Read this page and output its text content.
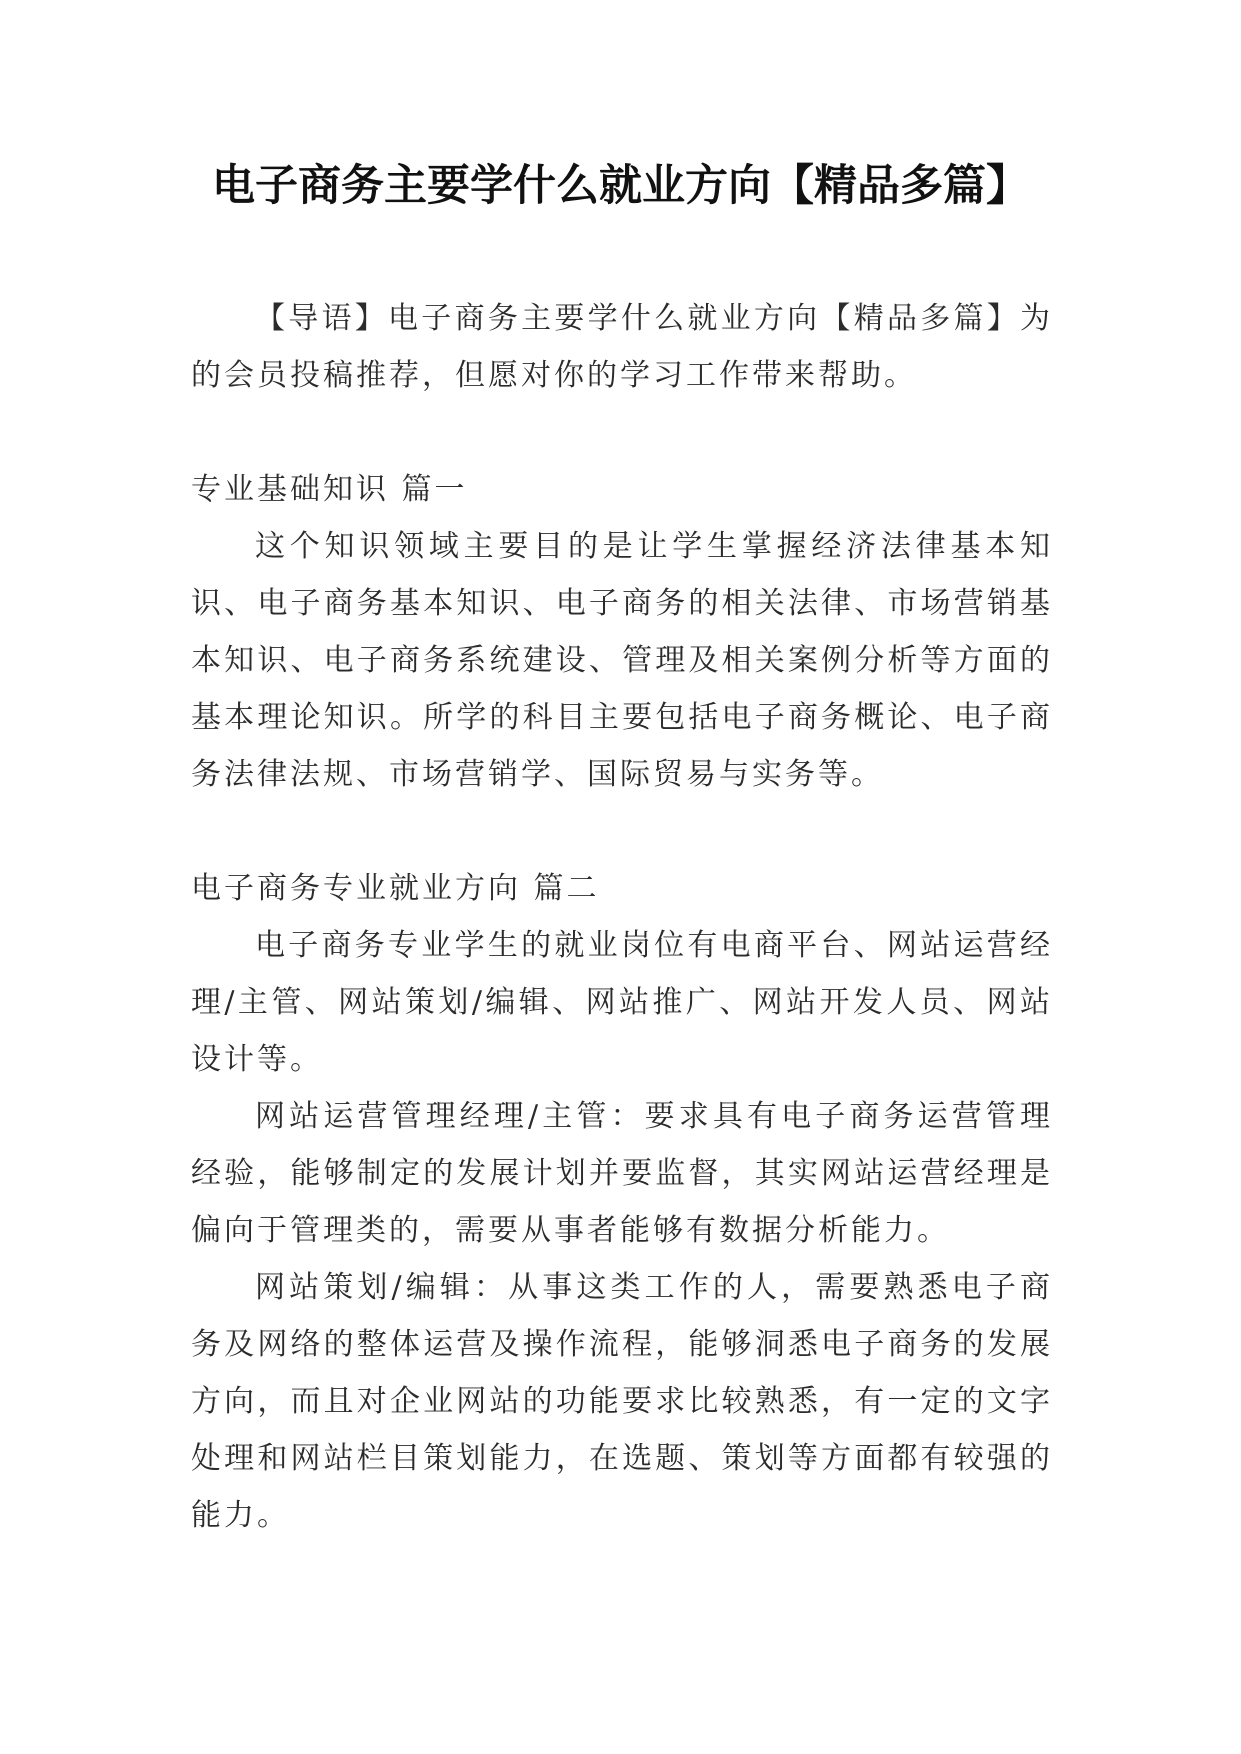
电子商务主要学什么就业方向【精品多篇】

【导语】电子商务主要学什么就业方向【精品多篇】为的会员投稿推荐，但愿对你的学习工作带来帮助。

专业基础知识 篇一

这个知识领域主要目的是让学生掌握经济法律基本知识、电子商务基本知识、电子商务的相关法律、市场营销基本知识、电子商务系统建设、管理及相关案例分析等方面的基本理论知识。所学的科目主要包括电子商务概论、电子商务法律法规、市场营销学、国际贸易与实务等。

电子商务专业就业方向 篇二

电子商务专业学生的就业岗位有电商平台、网站运营经理/主管、网站策划/编辑、网站推广、网站开发人员、网站设计等。

网站运营管理经理/主管：要求具有电子商务运营管理经验，能够制定的发展计划并要监督，其实网站运营经理是偏向于管理类的，需要从事者能够有数据分析能力。

网站策划/编辑：从事这类工作的人，需要熟悉电子商务及网络的整体运营及操作流程，能够洞悉电子商务的发展方向，而且对企业网站的功能要求比较熟悉，有一定的文字处理和网站栏目策划能力，在选题、策划等方面都有较强的能力。
